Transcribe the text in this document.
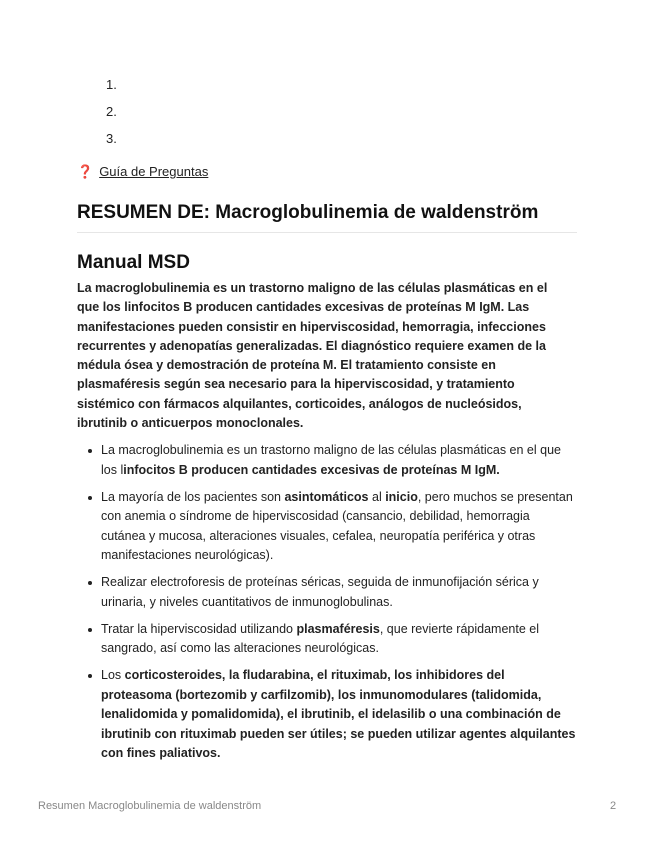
1.
2.
3.
❓ Guía de Preguntas
RESUMEN DE: Macroglobulinemia de waldenström
Manual MSD

La macroglobulinemia es un trastorno maligno de las células plasmáticas en el que los linfocitos B producen cantidades excesivas de proteínas M IgM. Las manifestaciones pueden consistir en hiperviscosidad, hemorragia, infecciones recurrentes y adenopatías generalizadas. El diagnóstico requiere examen de la médula ósea y demostración de proteína M. El tratamiento consiste en plasmaféresis según sea necesario para la hiperviscosidad, y tratamiento sistémico con fármacos alquilantes, corticoides, análogos de nucleósidos, ibrutinib o anticuerpos monoclonales.

La macroglobulinemia es un trastorno maligno de las células plasmáticas en el que los linfocitos B producen cantidades excesivas de proteínas M IgM.
La mayoría de los pacientes son asintomáticos al inicio, pero muchos se presentan con anemia o síndrome de hiperviscosidad (cansancio, debilidad, hemorragia cutánea y mucosa, alteraciones visuales, cefalea, neuropatía periférica y otras manifestaciones neurológicas).
Realizar electroforesis de proteínas séricas, seguida de inmunofijación sérica y urinaria, y niveles cuantitativos de inmunoglobulinas.
Tratar la hiperviscosidad utilizando plasmaféresis, que revierte rápidamente el sangrado, así como las alteraciones neurológicas.
Los corticosteroides, la fludarabina, el rituximab, los inhibidores del proteasoma (bortezomib y carfilzomib), los inmunomodulares (talidomida, lenalidomida y pomalidomida), el ibrutinib, el idelasilib o una combinación de ibrutinib con rituximab pueden ser útiles; se pueden utilizar agentes alquilantes con fines paliativos.
Resumen Macroglobulinemia de waldenström	2
